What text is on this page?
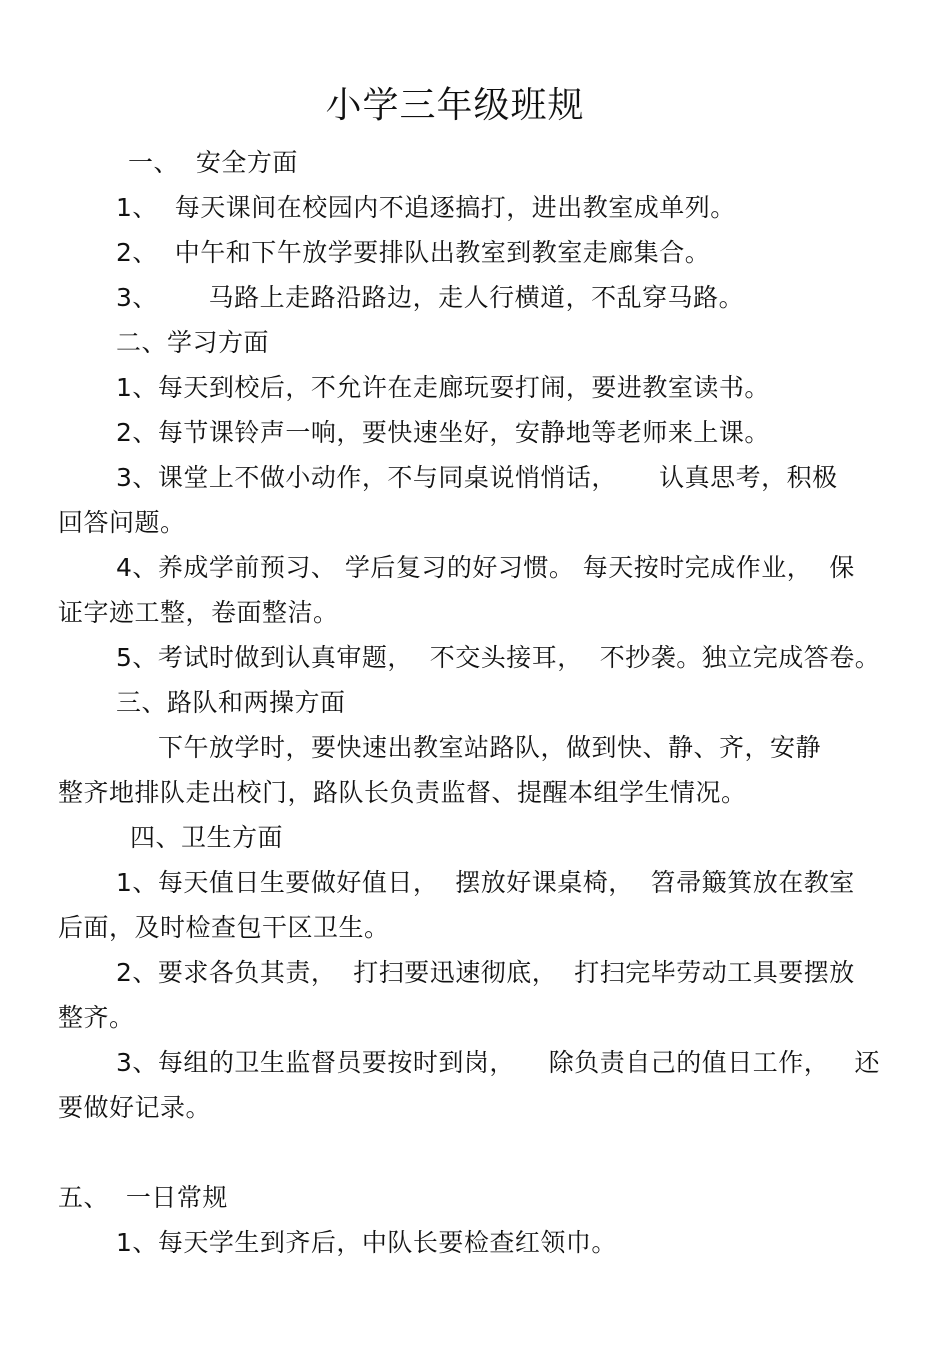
小学三年级班规
一、  安全方面
1、  每天课间在校园内不追逐搞打，进出教室成单列。
2、  中午和下午放学要排队出教室到教室走廊集合。
3、      马路上走路沿路边，走人行横道，不乱穿马路。
二、学习方面
1、每天到校后，不允许在走廊玩耍打闹，要进教室读书。
2、每节课铃声一响，要快速坐好，安静地等老师来上课。
3、课堂上不做小动作，不与同桌说悄悄话，     认真思考，积极
回答问题。
4、养成学前预习、 学后复习的好习惯。 每天按时完成作业，  保
证字迹工整，卷面整洁。
5、考试时做到认真审题，  不交头接耳，  不抄袭。独立完成答卷。
三、路队和两操方面
下午放学时，要快速出教室站路队，做到快、静、齐，安静
整齐地排队走出校门，路队长负责监督、提醒本组学生情况。
四、卫生方面
1、每天值日生要做好值日，  摆放好课桌椅，  笤帚簸箕放在教室
后面，及时检查包干区卫生。
2、要求各负其责，  打扫要迅速彻底，  打扫完毕劳动工具要摆放
整齐。
3、每组的卫生监督员要按时到岗，    除负责自己的值日工作，   还
要做好记录。
五、  一日常规
1、每天学生到齐后，中队长要检查红领巾。
